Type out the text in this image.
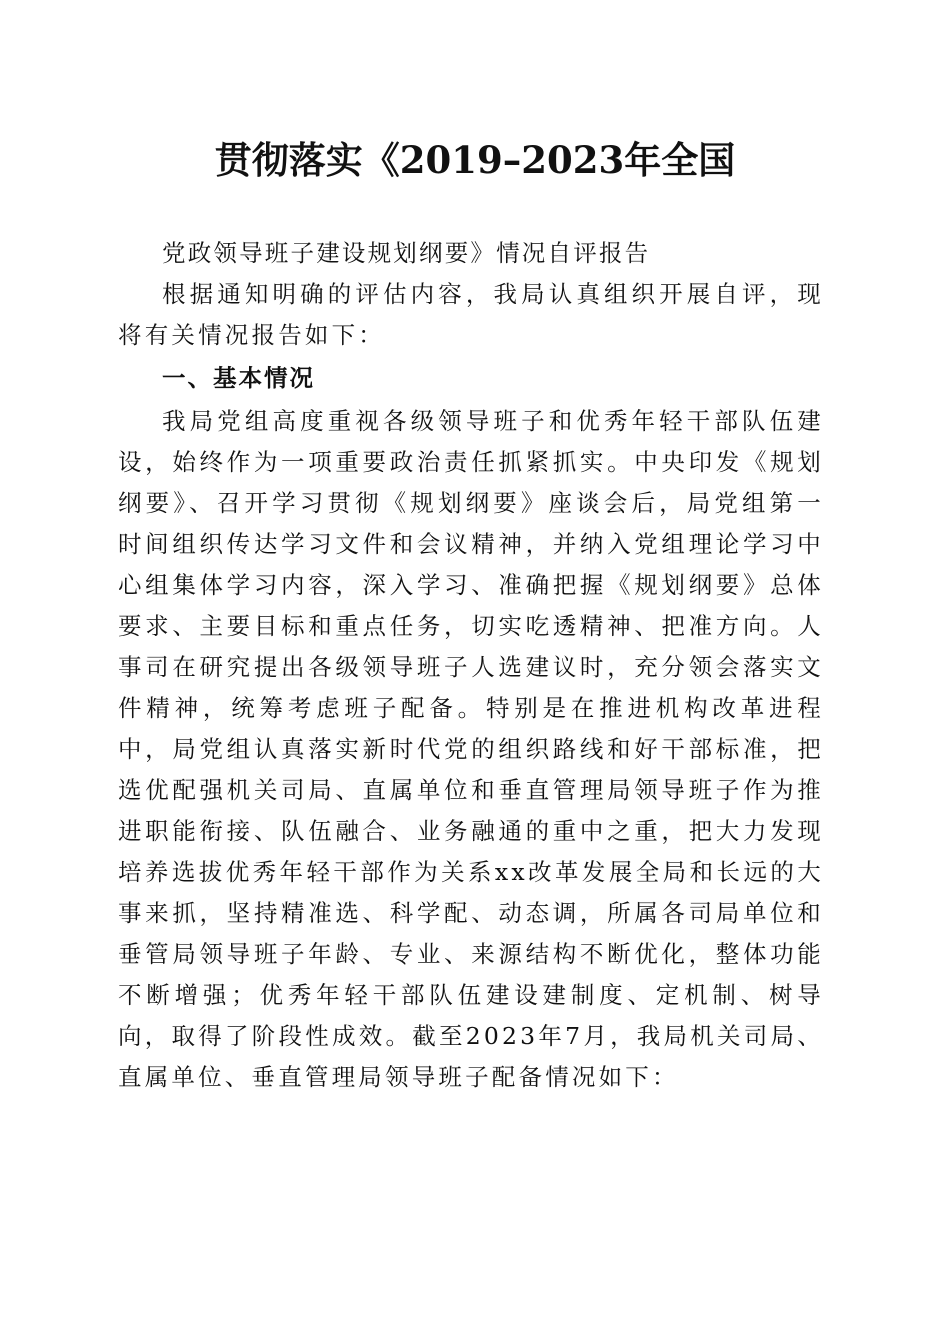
贯彻落实《2019–2023年全国

党政领导班子建设规划纲要》情况自评报告

根据通知明确的评估内容，我局认真组织开展自评，现将有关情况报告如下：

一、基本情况

我局党组高度重视各级领导班子和优秀年轻干部队伍建设，始终作为一项重要政治责任抓紧抓实。中央印发《规划纲要》、召开学习贯彻《规划纲要》座谈会后，局党组第一时间组织传达学习文件和会议精神，并纳入党组理论学习中心组集体学习内容，深入学习、准确把握《规划纲要》总体要求、主要目标和重点任务，切实吃透精神、把准方向。人事司在研究提出各级领导班子人选建议时，充分领会落实文件精神，统筹考虑班子配备。特别是在推进机构改革进程中，局党组认真落实新时代党的组织路线和好干部标准，把选优配强机关司局、直属单位和垂直管理局领导班子作为推进职能衔接、队伍融合、业务融通的重中之重，把大力发现培养选拔优秀年轻干部作为关系xx改革发展全局和长远的大事来抓，坚持精准选、科学配、动态调，所属各司局单位和垂管局领导班子年龄、专业、来源结构不断优化，整体功能不断增强；优秀年轻干部队伍建设建制度、定机制、树导向，取得了阶段性成效。截至2023年7月，我局机关司局、直属单位、垂直管理局领导班子配备情况如下：
